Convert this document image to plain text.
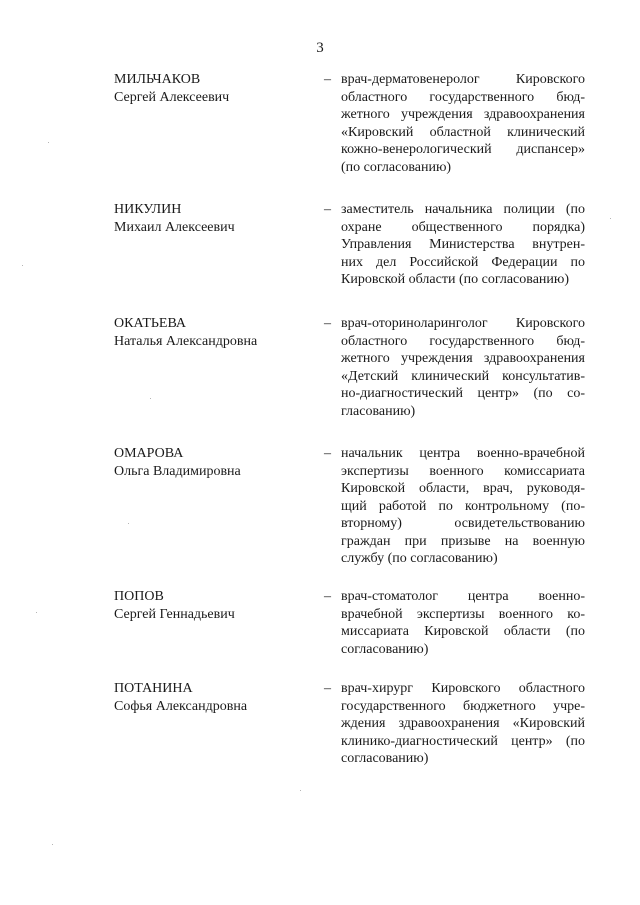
3
МИЛЬЧАКОВ
Сергей Алексеевич
– врач-дерматовенеролог Кировского
областного государственного бюд-
жетного учреждения здравоохранения
«Кировский областной клинический
кожно-венерологический диспансер»
(по согласованию)
НИКУЛИН
Михаил Алексеевич
– заместитель начальника полиции (по
охране общественного порядка)
Управления Министерства внутрен-
них дел Российской Федерации по
Кировской области (по согласованию)
ОКАТЬЕВА
Наталья Александровна
– врач-оториноларинголог Кировского
областного государственного бюд-
жетного учреждения здравоохранения
«Детский клинический консультатив-
но-диагностический центр» (по со-
гласованию)
ОМАРОВА
Ольга Владимировна
– начальник центра военно-врачебной
экспертизы военного комиссариата
Кировской области, врач, руководя-
щий работой по контрольному (по-
вторному) освидетельствованию
граждан при призыве на военную
службу (по согласованию)
ПОПОВ
Сергей Геннадьевич
– врач-стоматолог центра военно-
врачебной экспертизы военного ко-
миссариата Кировской области (по
согласованию)
ПОТАНИНА
Софья Александровна
– врач-хирург Кировского областного
государственного бюджетного учре-
ждения здравоохранения «Кировский
клинико-диагностический центр» (по
согласованию)
